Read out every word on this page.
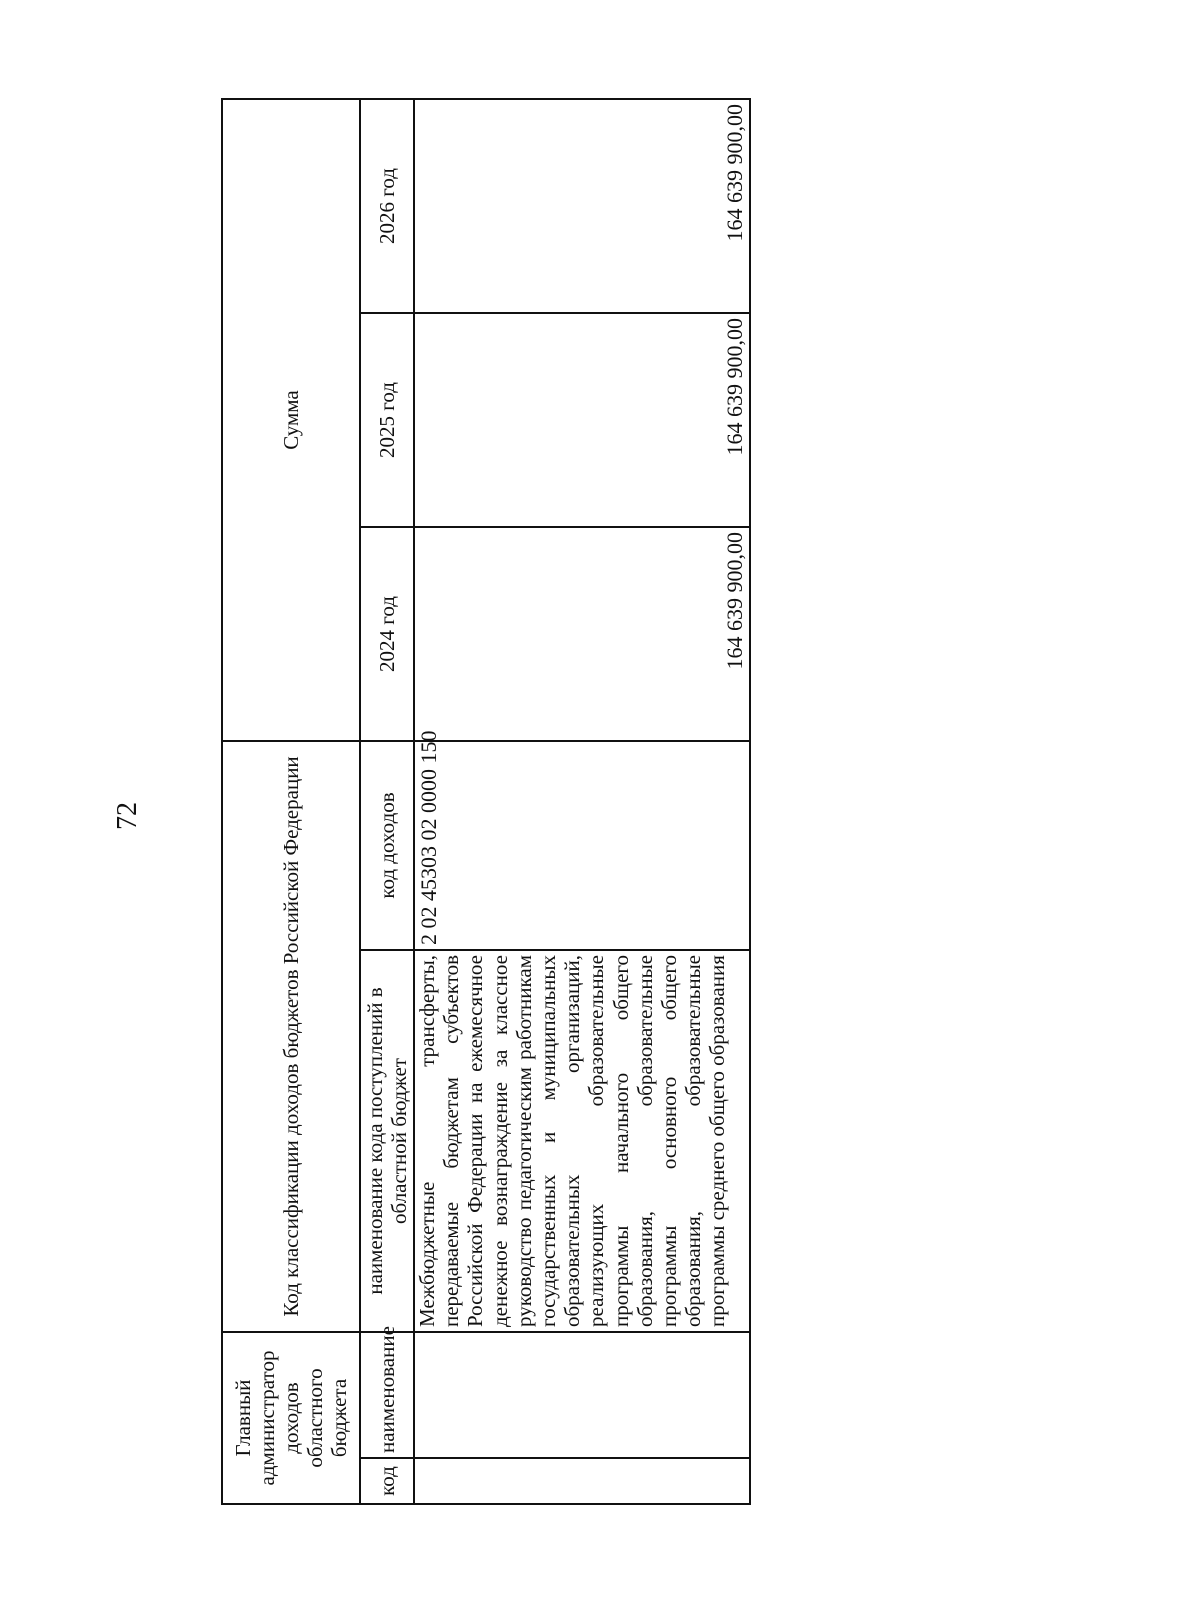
72
Главный администратор доходов областного бюджета		Код классификации доходов бюджетов Российской Федерации		Сумма		

код	наименование	наименование кода поступлений в областной бюджет	код доходов	2024 год	2025 год	2026 год
		Межбюджетные трансферты, передаваемые бюджетам субъектов Российской Федерации на ежемесячное денежное вознаграждение за классное руководство педагогическим работникам государственных и муниципальных образовательных организаций, реализующих образовательные программы начального общего образования, образовательные программы основного общего образования, образовательные программы среднего общего образования	2 02 45303 02 0000 150	164 639 900,00	164 639 900,00	164 639 900,00
